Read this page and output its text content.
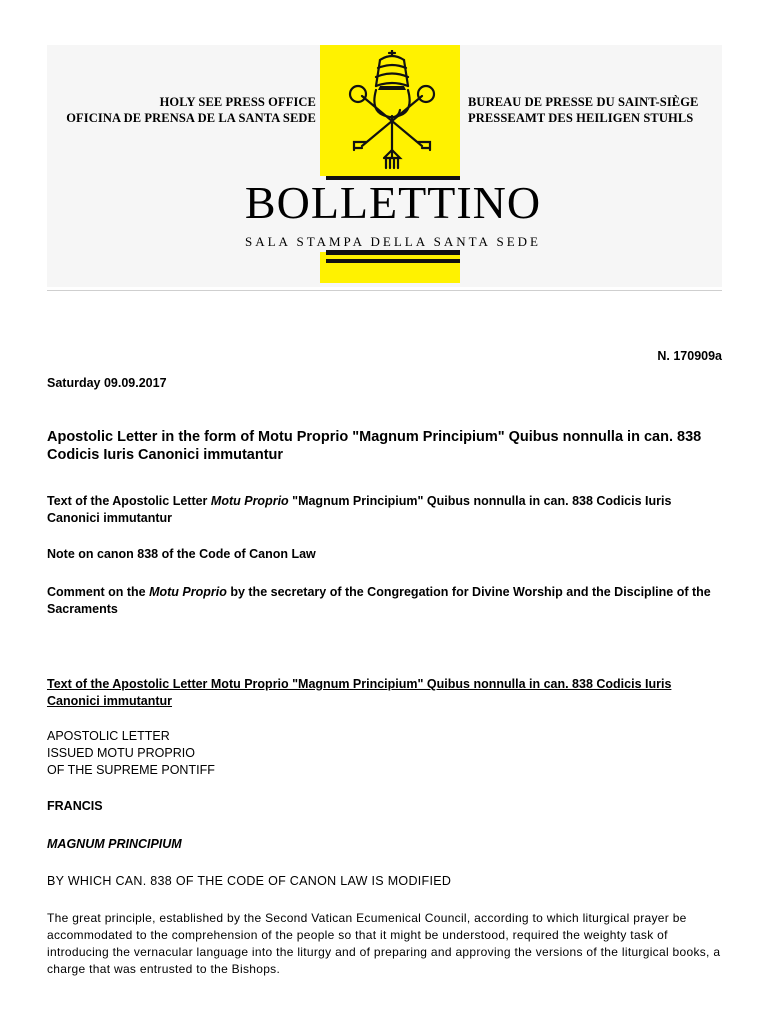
HOLY SEE PRESS OFFICE
OFICINA DE PRENSA DE LA SANTA SEDE
BUREAU DE PRESSE DU SAINT-SIÈGE
PRESSEAMT DES HEILIGEN STUHLS
BOLLETTINO
SALA STAMPA DELLA SANTA SEDE
N. 170909a

Saturday 09.09.2017

Apostolic Letter in the form of Motu Proprio "Magnum Principium" Quibus nonnulla in can. 838 Codicis Iuris Canonici immutantur

Text of the Apostolic Letter Motu Proprio "Magnum Principium" Quibus nonnulla in can. 838 Codicis Iuris Canonici immutantur

Note on canon 838 of the Code of Canon Law

Comment on the Motu Proprio by the secretary of the Congregation for Divine Worship and the Discipline of the Sacraments

Text of the Apostolic Letter Motu Proprio "Magnum Principium" Quibus nonnulla in can. 838 Codicis Iuris Canonici immutantur

APOSTOLIC LETTER
ISSUED MOTU PROPRIO
OF THE SUPREME PONTIFF

FRANCIS

MAGNUM PRINCIPIUM

BY WHICH CAN. 838 OF THE CODE OF CANON LAW IS MODIFIED

The great principle, established by the Second Vatican Ecumenical Council, according to which liturgical prayer be accommodated to the comprehension of the people so that it might be understood, required the weighty task of introducing the vernacular language into the liturgy and of preparing and approving the versions of the liturgical books, a charge that was entrusted to the Bishops.
